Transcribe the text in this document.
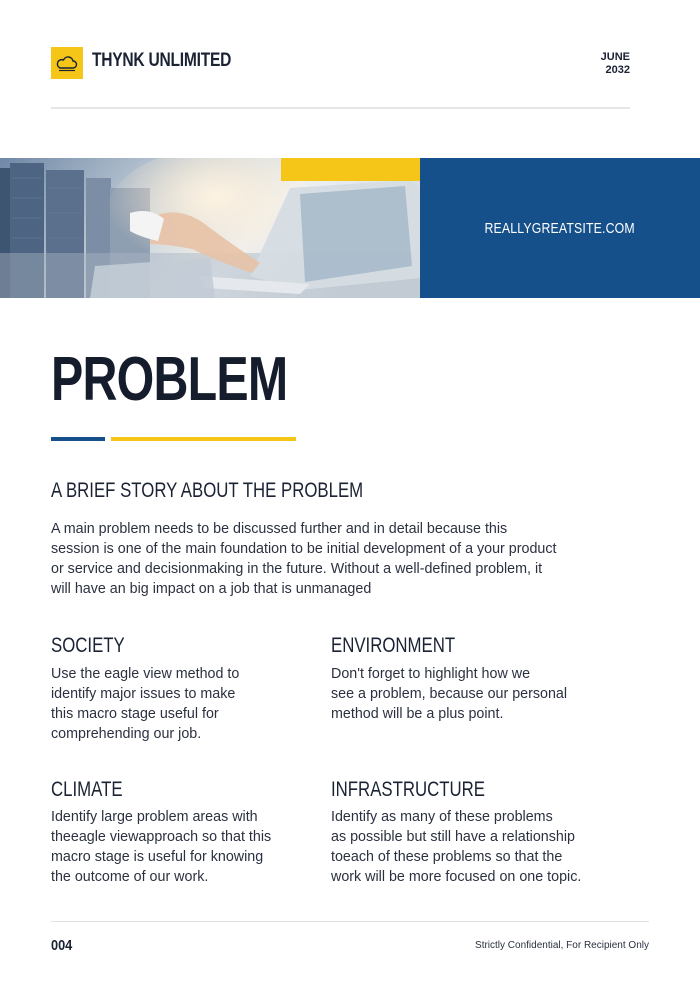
THYNK UNLIMITED	JUNE
2032
REALLYGREATSITE.COM
PROBLEM
A BRIEF STORY ABOUT THE PROBLEM
A main problem needs to be discussed further and in detail because this
session is one of the main foundation to be initial development of a your product
or service and decisionmaking in the future. Without a well-defined problem, it
will have an big impact on a job that is unmanaged
SOCIETY
Use the eagle view method to
identify major issues to make
this macro stage useful for
comprehending our job.
ENVIRONMENT
Don't forget to highlight how we
see a problem, because our personal
method will be a plus point.
CLIMATE
Identify large problem areas with
theeagle viewapproach so that this
macro stage is useful for knowing
the outcome of our work.
INFRASTRUCTURE
Identify as many of these problems
as possible but still have a relationship
toeach of these problems so that the
work will be more focused on one topic.
004	Strictly Confidential, For Recipient Only
